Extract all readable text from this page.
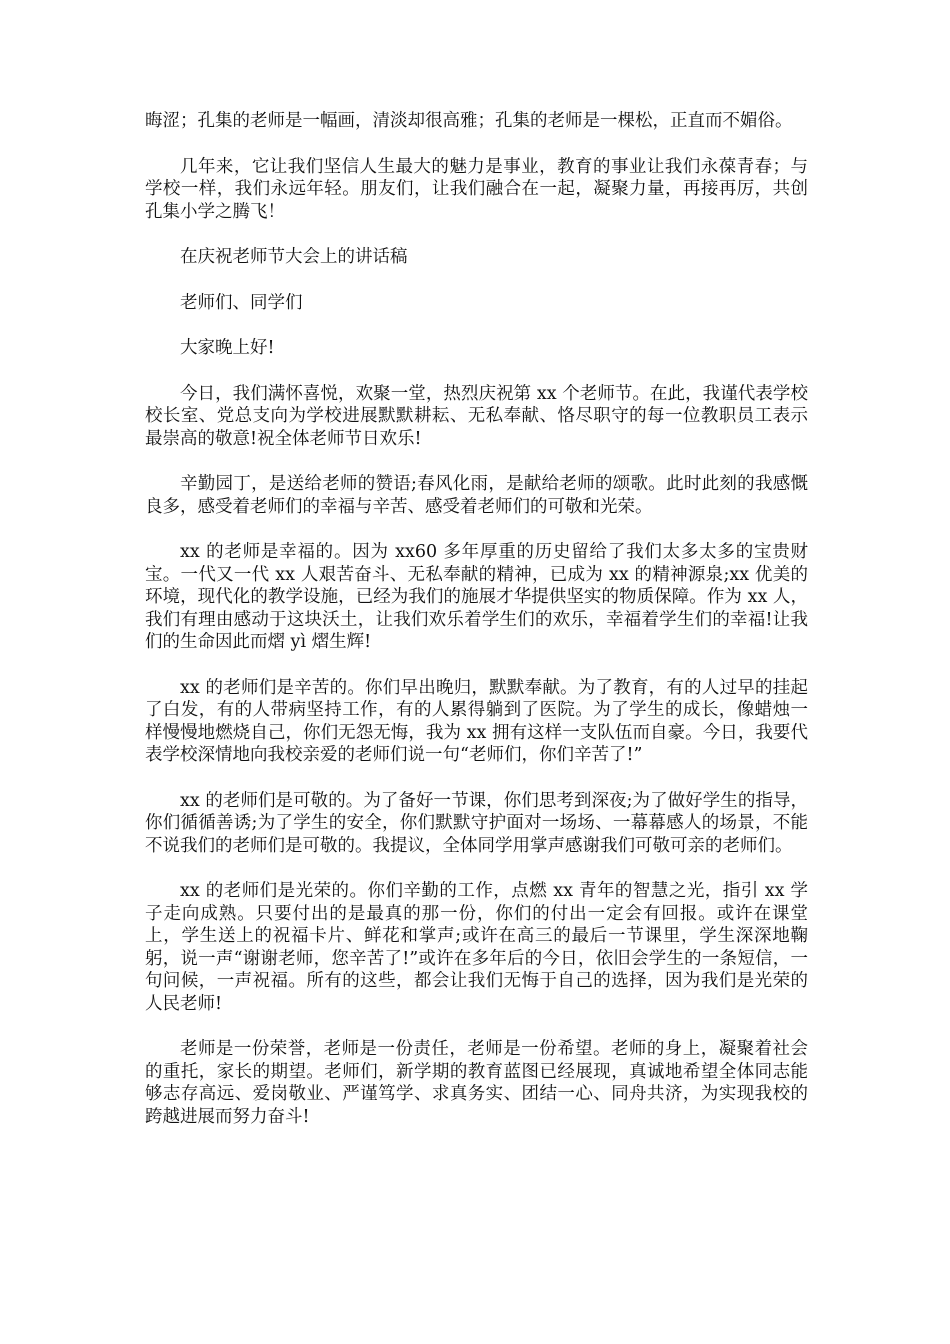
晦涩；孔集的老师是一幅画，清淡却很高雅；孔集的老师是一棵松，正直而不媚俗。

几年来，它让我们坚信人生最大的魅力是事业，教育的事业让我们永葆青春；与学校一样，我们永远年轻。朋友们，让我们融合在一起，凝聚力量，再接再厉，共创孔集小学之腾飞！

在庆祝老师节大会上的讲话稿

老师们、同学们

大家晚上好!

今日，我们满怀喜悦，欢聚一堂，热烈庆祝第 xx 个老师节。在此，我谨代表学校校长室、党总支向为学校进展默默耕耘、无私奉献、恪尽职守的每一位教职员工表示最崇高的敬意!祝全体老师节日欢乐!

辛勤园丁，是送给老师的赞语;春风化雨，是献给老师的颂歌。此时此刻的我感慨良多，感受着老师们的幸福与辛苦、感受着老师们的可敬和光荣。

xx 的老师是幸福的。因为 xx60 多年厚重的历史留给了我们太多太多的宝贵财宝。一代又一代 xx 人艰苦奋斗、无私奉献的精神，已成为 xx 的精神源泉;xx 优美的环境，现代化的教学设施，已经为我们的施展才华提供坚实的物质保障。作为 xx 人，我们有理由感动于这块沃土，让我们欢乐着学生们的欢乐，幸福着学生们的幸福!让我们的生命因此而熠 yì 熠生辉!

xx 的老师们是辛苦的。你们早出晚归，默默奉献。为了教育，有的人过早的挂起了白发，有的人带病坚持工作，有的人累得躺到了医院。为了学生的成长，像蜡烛一样慢慢地燃烧自己，你们无怨无悔，我为 xx 拥有这样一支队伍而自豪。今日，我要代表学校深情地向我校亲爱的老师们说一句“老师们，你们辛苦了!”

xx 的老师们是可敬的。为了备好一节课，你们思考到深夜;为了做好学生的指导，你们循循善诱;为了学生的安全，你们默默守护面对一场场、一幕幕感人的场景，不能不说我们的老师们是可敬的。我提议，全体同学用掌声感谢我们可敬可亲的老师们。

xx 的老师们是光荣的。你们辛勤的工作，点燃 xx 青年的智慧之光，指引 xx 学子走向成熟。只要付出的是最真的那一份，你们的付出一定会有回报。或许在课堂上，学生送上的祝福卡片、鲜花和掌声;或许在高三的最后一节课里，学生深深地鞠躬，说一声“谢谢老师，您辛苦了!”或许在多年后的今日，依旧会学生的一条短信，一句问候，一声祝福。所有的这些，都会让我们无悔于自己的选择，因为我们是光荣的人民老师!

老师是一份荣誉，老师是一份责任，老师是一份希望。老师的身上，凝聚着社会的重托，家长的期望。老师们，新学期的教育蓝图已经展现，真诚地希望全体同志能够志存高远、爱岗敬业、严谨笃学、求真务实、团结一心、同舟共济，为实现我校的跨越进展而努力奋斗!
